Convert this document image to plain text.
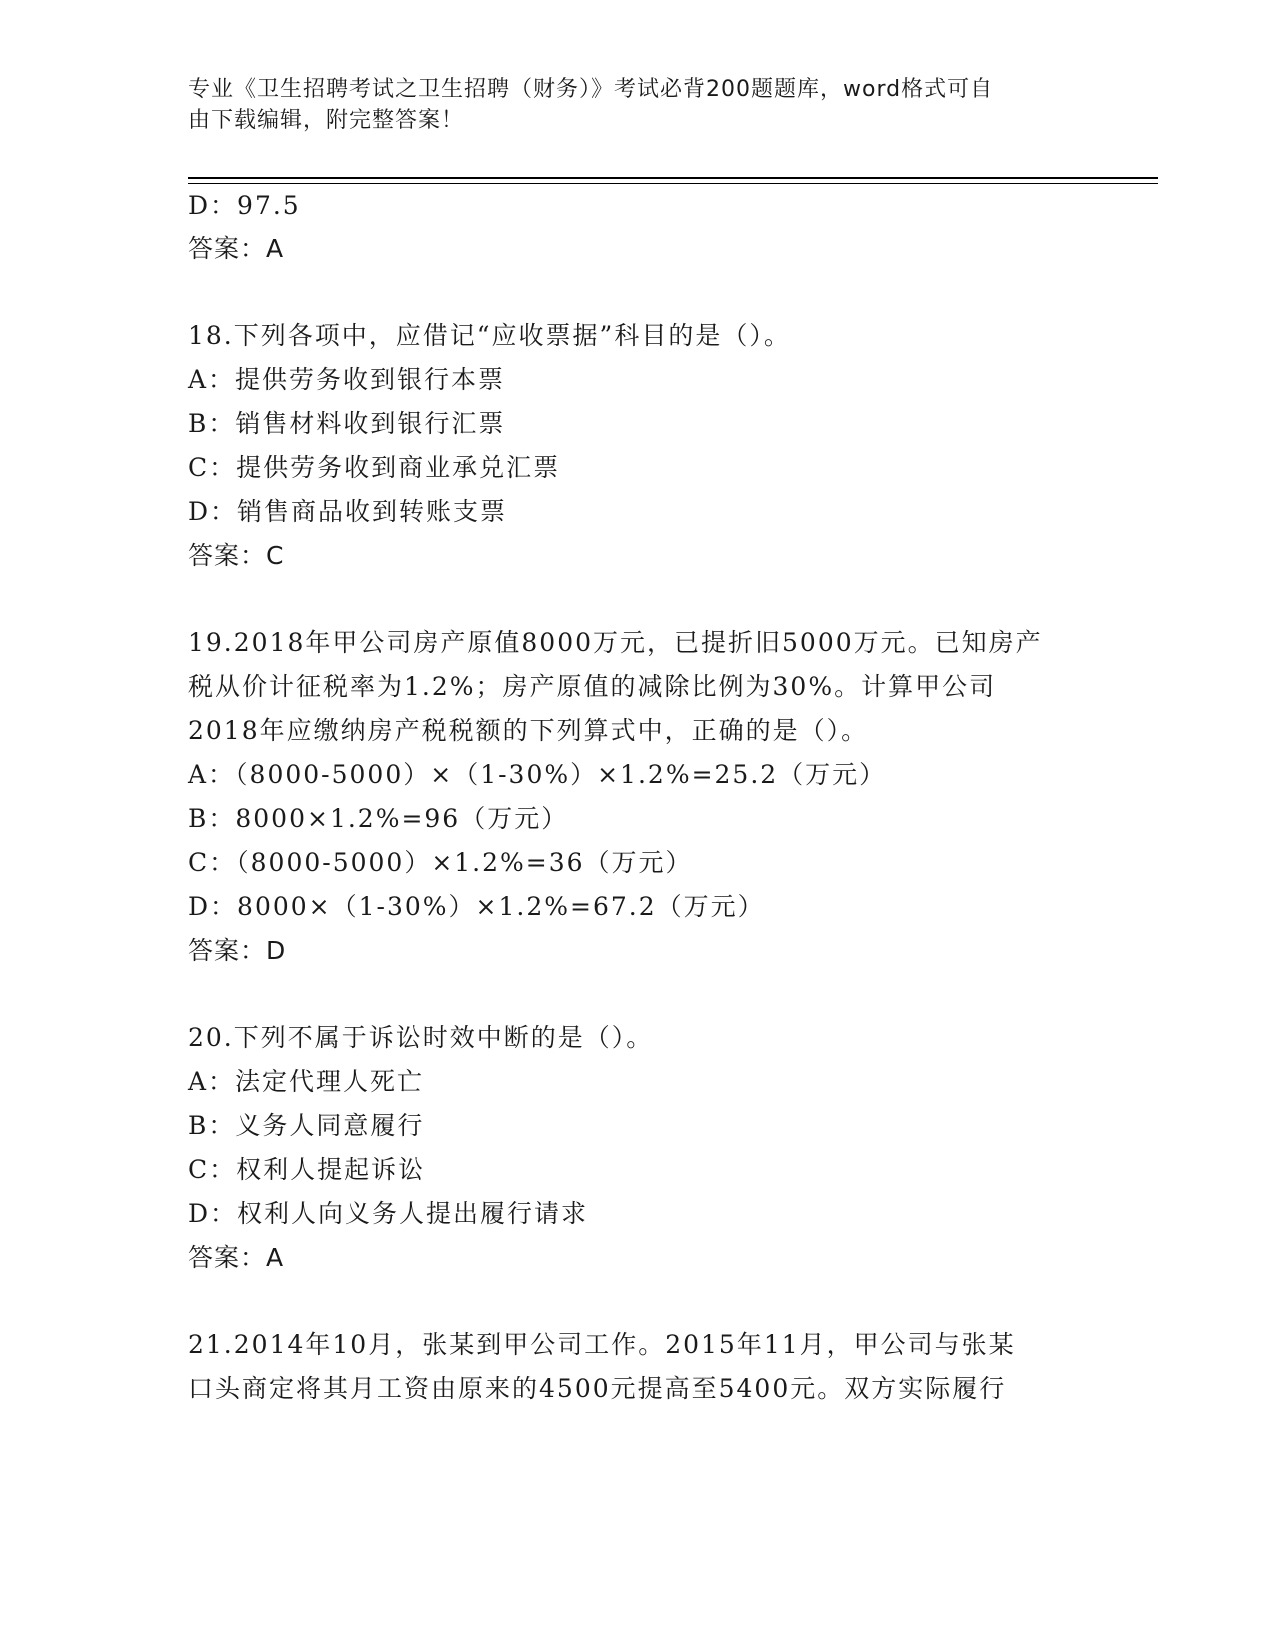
专业《卫生招聘考试之卫生招聘（财务）》考试必背200题题库，word格式可自
由下载编辑，附完整答案！
D：97.5
答案：A
18.下列各项中，应借记“应收票据”科目的是（）。
A：提供劳务收到银行本票
B：销售材料收到银行汇票
C：提供劳务收到商业承兑汇票
D：销售商品收到转账支票
答案：C
19.2018年甲公司房产原值8000万元，已提折旧5000万元。已知房产
税从价计征税率为1.2%；房产原值的减除比例为30%。计算甲公司
2018年应缴纳房产税税额的下列算式中，正确的是（）。
A：（8000-5000）×（1-30%）×1.2%=25.2（万元）
B：8000×1.2%=96（万元）
C：（8000-5000）×1.2%=36（万元）
D：8000×（1-30%）×1.2%=67.2（万元）
答案：D
20.下列不属于诉讼时效中断的是（）。
A：法定代理人死亡
B：义务人同意履行
C：权利人提起诉讼
D：权利人向义务人提出履行请求
答案：A
21.2014年10月，张某到甲公司工作。2015年11月，甲公司与张某
口头商定将其月工资由原来的4500元提高至5400元。双方实际履行
